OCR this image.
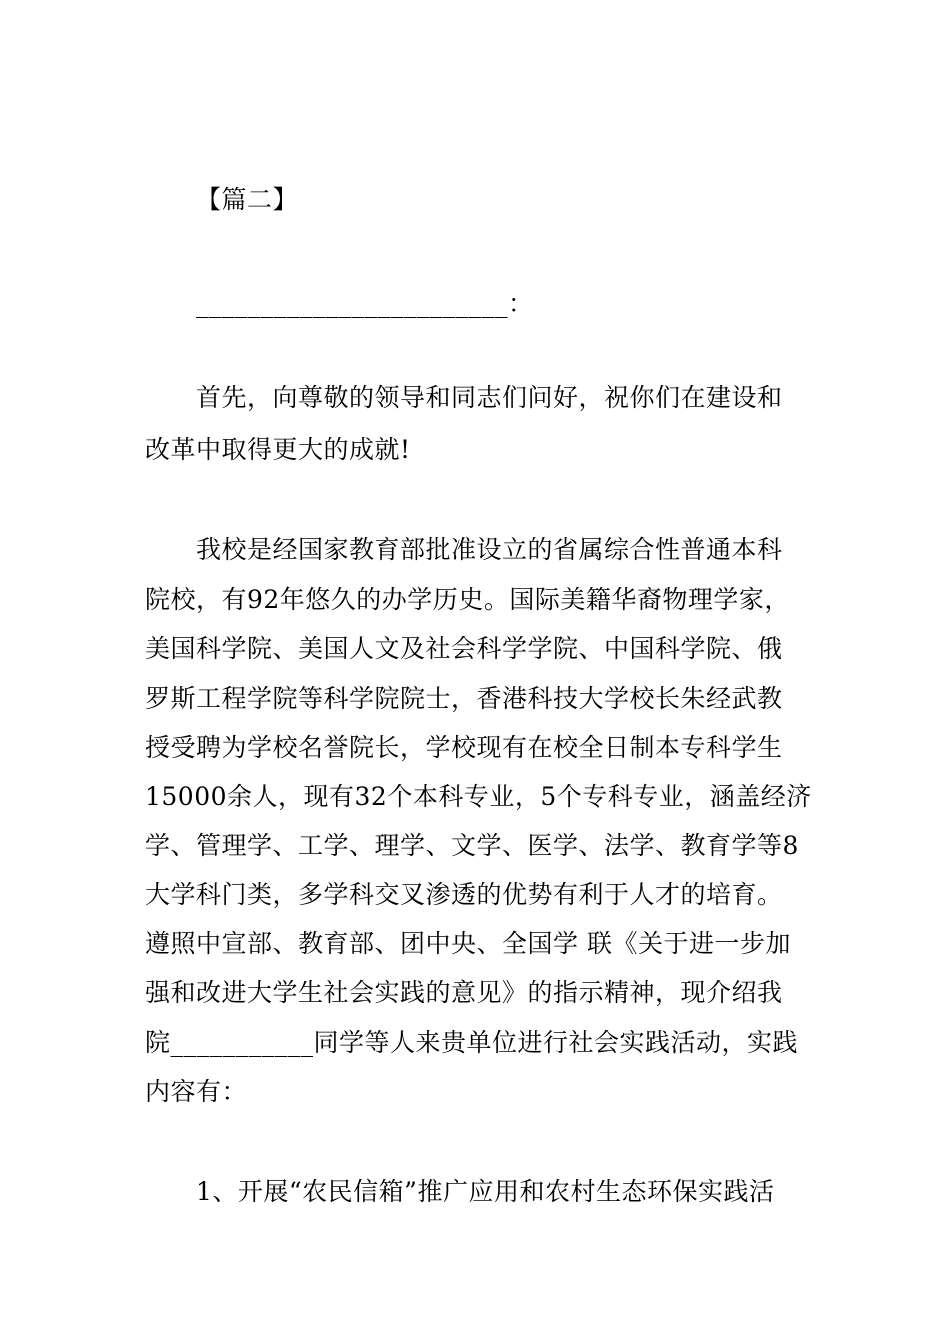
【篇二】
________________________：
首先，向尊敬的领导和同志们问好，祝你们在建设和
改革中取得更大的成就!
我校是经国家教育部批准设立的省属综合性普通本科
院校，有92年悠久的办学历史。国际美籍华裔物理学家，
美国科学院、美国人文及社会科学学院、中国科学院、俄
罗斯工程学院等科学院院士，香港科技大学校长朱经武教
授受聘为学校名誉院长，学校现有在校全日制本专科学生
15000余人，现有32个本科专业，5个专科专业，涵盖经济
学、管理学、工学、理学、文学、医学、法学、教育学等8
大学科门类，多学科交叉渗透的优势有利于人才的培育。
遵照中宣部、教育部、团中央、全国学 联《关于进一步加
强和改进大学生社会实践的意见》的指示精神，现介绍我
院___________同学等人来贵单位进行社会实践活动，实践
内容有：
1、开展“农民信箱”推广应用和农村生态环保实践活
